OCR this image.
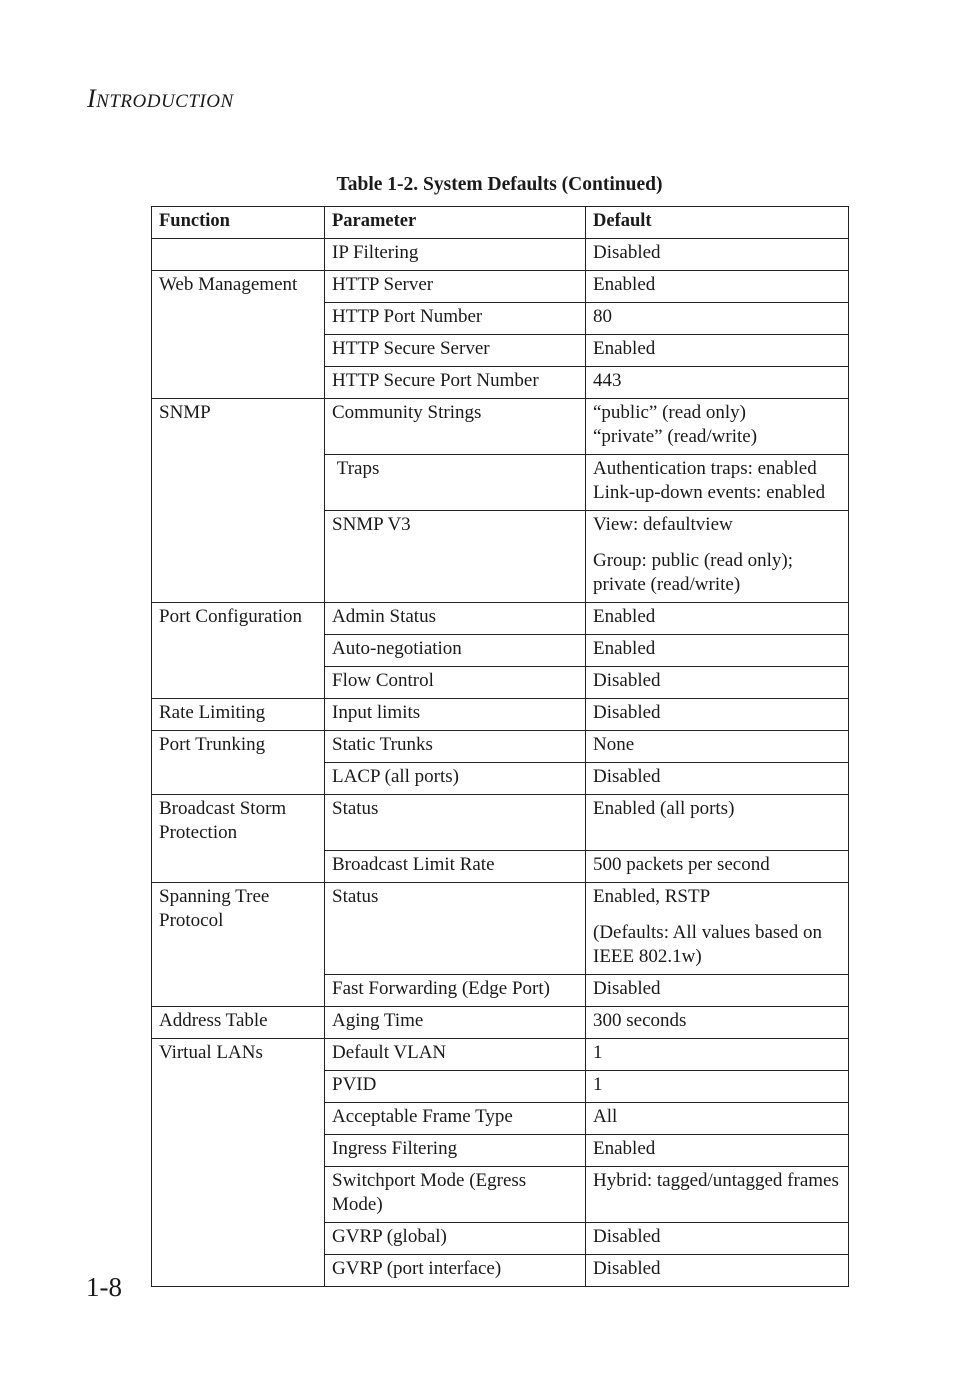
INTRODUCTION
Table 1-2. System Defaults (Continued)
Function	Parameter	Default
	IP Filtering	Disabled

Web Management	HTTP Server	Enabled

	HTTP Port Number	80

	HTTP Secure Server	Enabled

	HTTP Secure Port Number	443

SNMP	Community Strings	“public” (read only)
“private” (read/write)

	Traps	Authentication traps: enabled
Link-up-down events: enabled

	SNMP V3	View: defaultview
Group: public (read only); private (read/write)

Port Configuration	Admin Status	Enabled

	Auto-negotiation	Enabled

	Flow Control	Disabled

Rate Limiting	Input limits	Disabled

Port Trunking	Static Trunks	None

	LACP (all ports)	Disabled

Broadcast Storm Protection	Status	Enabled (all ports)

	Broadcast Limit Rate	500 packets per second

Spanning Tree Protocol	Status	Enabled, RSTP
(Defaults: All values based on IEEE 802.1w)

	Fast Forwarding (Edge Port)	Disabled

Address Table	Aging Time	300 seconds

Virtual LANs	Default VLAN	1

	PVID	1

	Acceptable Frame Type	All

	Ingress Filtering	Enabled

	Switchport Mode (Egress Mode)	Hybrid: tagged/untagged frames

	GVRP (global)	Disabled

	GVRP (port interface)	Disabled
1-8
